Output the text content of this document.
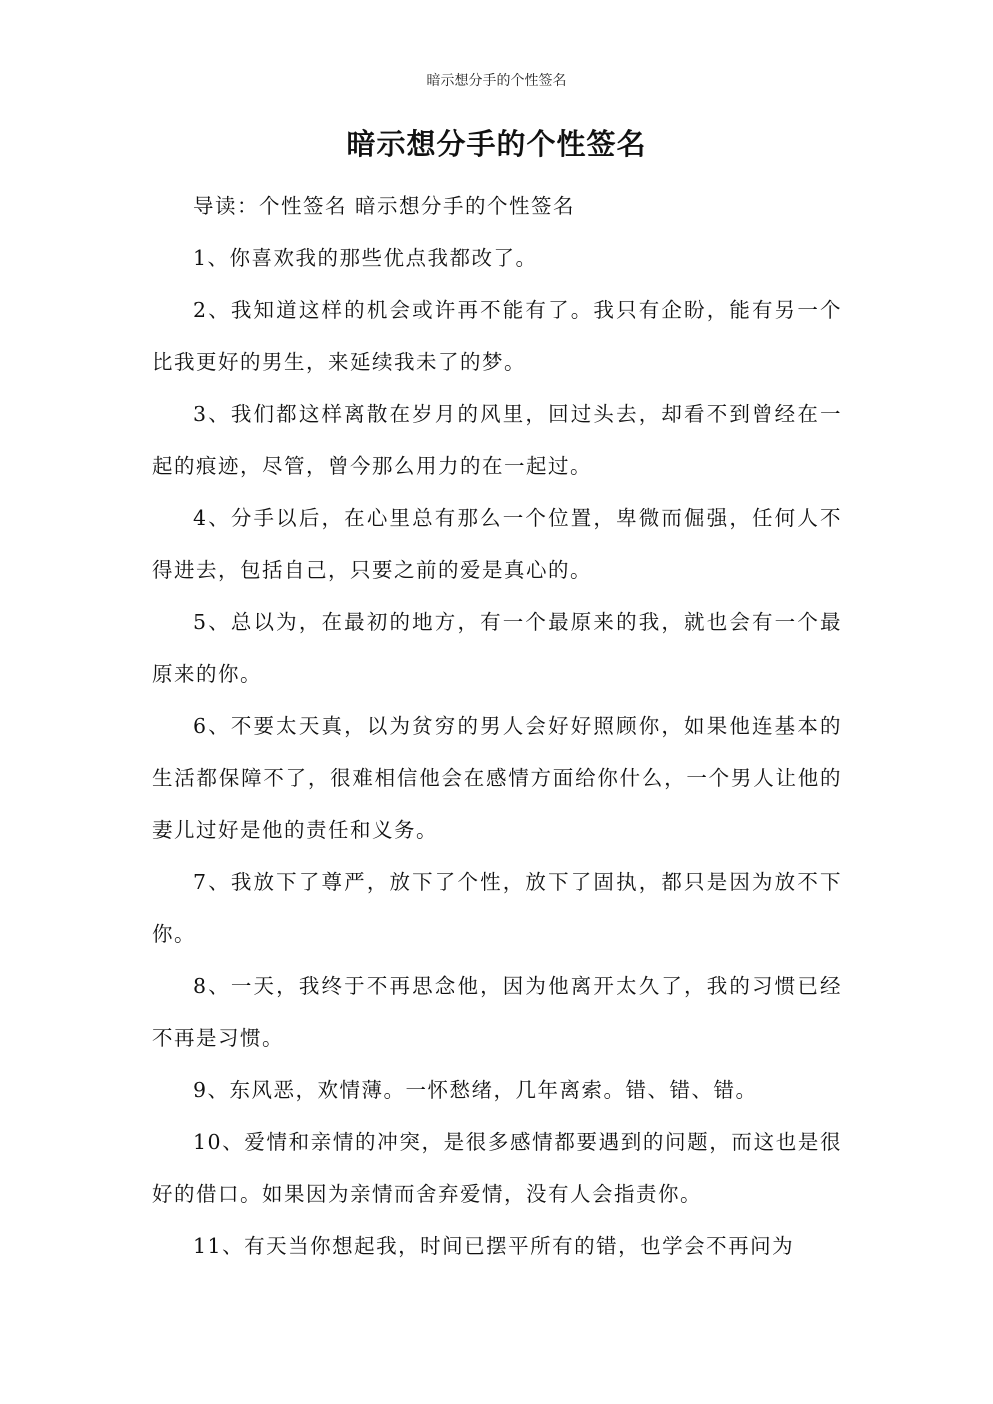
暗示想分手的个性签名
暗示想分手的个性签名

导读：个性签名 暗示想分手的个性签名

1、你喜欢我的那些优点我都改了。

2、我知道这样的机会或许再不能有了。我只有企盼，能有另一个比我更好的男生，来延续我未了的梦。

3、我们都这样离散在岁月的风里，回过头去，却看不到曾经在一起的痕迹，尽管，曾今那么用力的在一起过。

4、分手以后，在心里总有那么一个位置，卑微而倔强，任何人不得进去，包括自己，只要之前的爱是真心的。

5、总以为，在最初的地方，有一个最原来的我，就也会有一个最原来的你。

6、不要太天真，以为贫穷的男人会好好照顾你，如果他连基本的生活都保障不了，很难相信他会在感情方面给你什么，一个男人让他的妻儿过好是他的责任和义务。

7、我放下了尊严，放下了个性，放下了固执，都只是因为放不下你。

8、一天，我终于不再思念他，因为他离开太久了，我的习惯已经不再是习惯。

9、东风恶，欢情薄。一怀愁绪，几年离索。错、错、错。

10、爱情和亲情的冲突，是很多感情都要遇到的问题，而这也是很好的借口。如果因为亲情而舍弃爱情，没有人会指责你。

11、有天当你想起我，时间已摆平所有的错，也学会不再问为
